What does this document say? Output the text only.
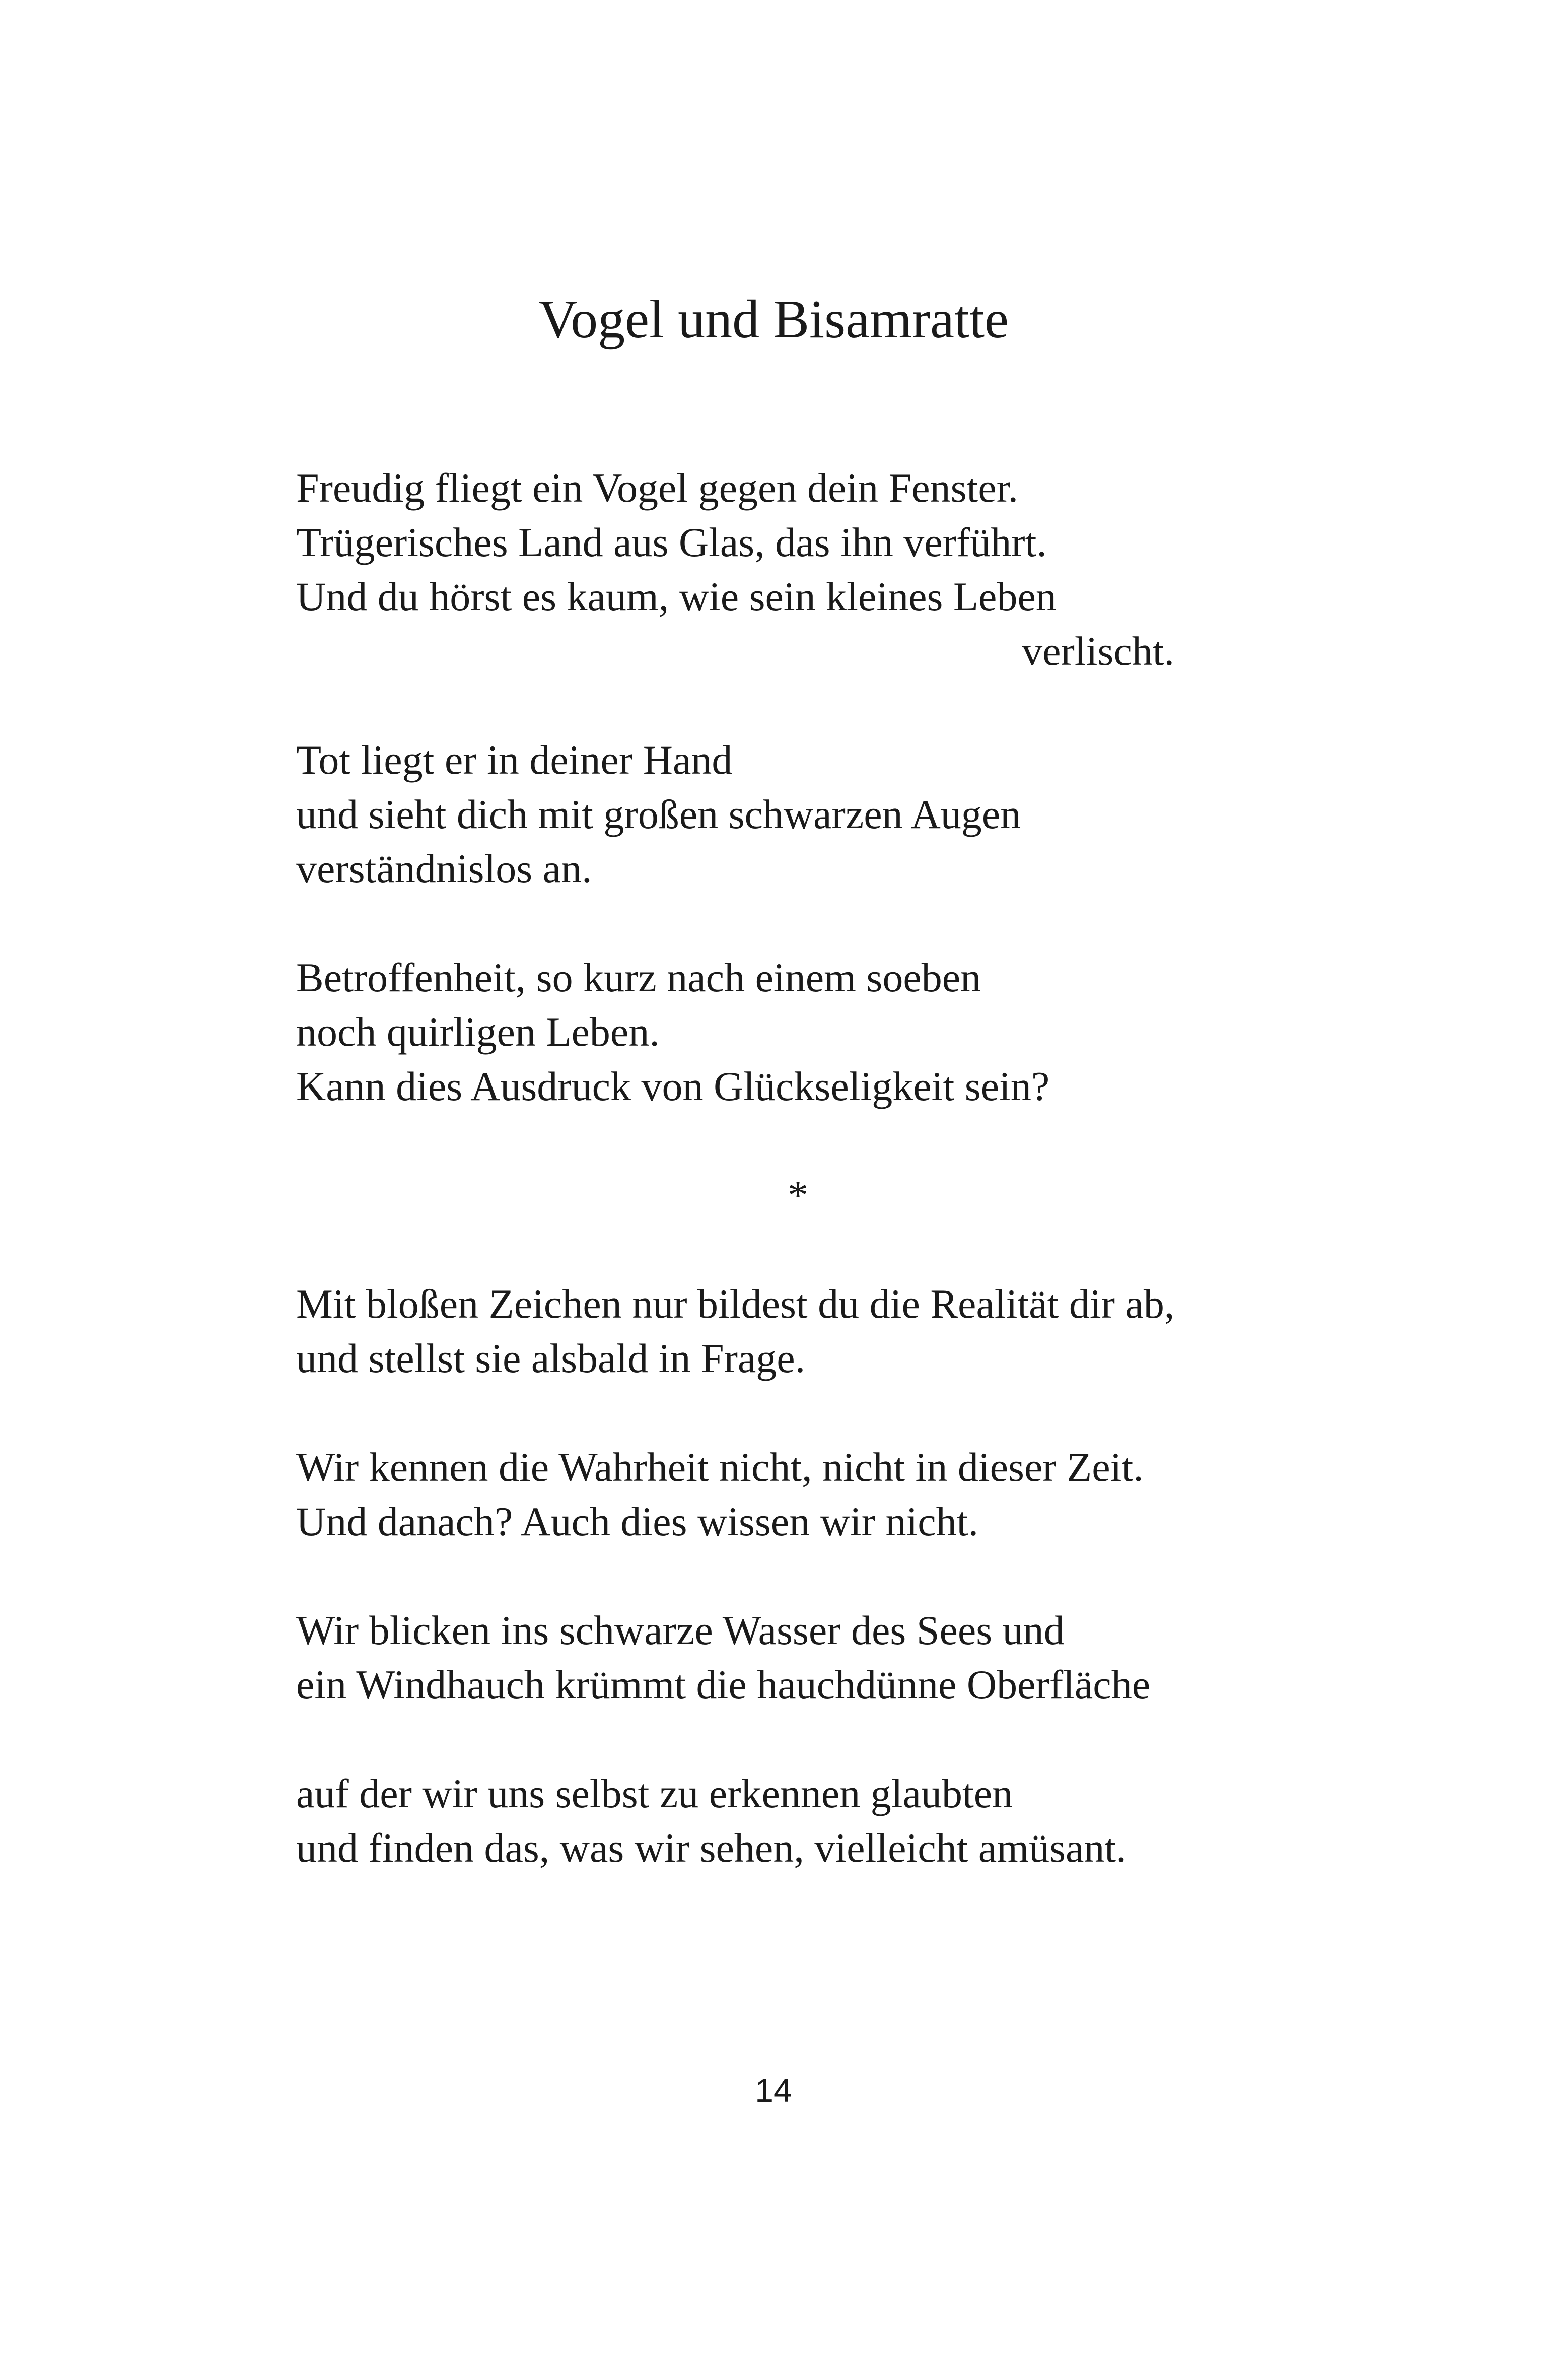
Vogel und Bisamratte
Freudig fliegt ein Vogel gegen dein Fenster.
Trügerisches Land aus Glas, das ihn verführt.
Und du hörst es kaum, wie sein kleines Leben
verlischt.
Tot liegt er in deiner Hand
und sieht dich mit großen schwarzen Augen
verständnislos an.
Betroffenheit, so kurz nach einem soeben
noch quirligen Leben.
Kann dies Ausdruck von Glückseligkeit sein?
*
Mit bloßen Zeichen nur bildest du die Realität dir ab,
und stellst sie alsbald in Frage.
Wir kennen die Wahrheit nicht, nicht in dieser Zeit.
Und danach? Auch dies wissen wir nicht.
Wir blicken ins schwarze Wasser des Sees und
ein Windhauch krümmt die hauchdünne Oberfläche
auf der wir uns selbst zu erkennen glaubten
und finden das, was wir sehen, vielleicht amüsant.
14
